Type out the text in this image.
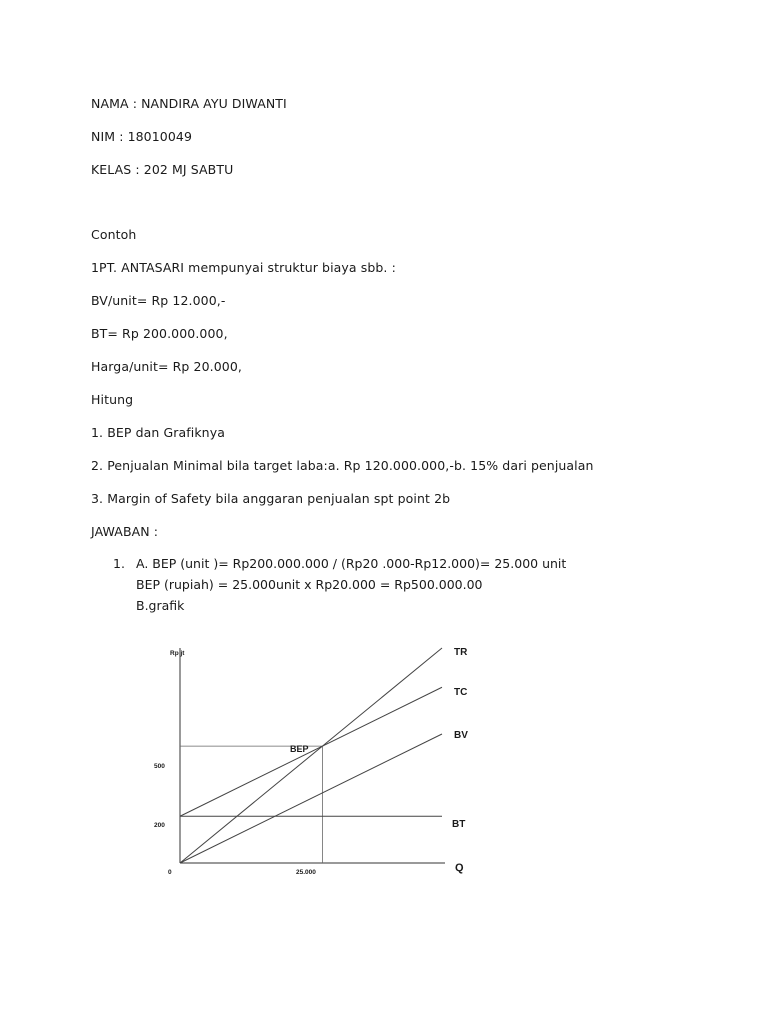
NAMA : NANDIRA AYU DIWANTI
NIM : 18010049
KELAS : 202 MJ SABTU
Contoh
1PT. ANTASARI mempunyai struktur biaya sbb. :
BV/unit= Rp 12.000,-
BT= Rp 200.000.000,
Harga/unit= Rp 20.000,
Hitung
1. BEP dan Grafiknya
2. Penjualan Minimal bila target laba:a. Rp 120.000.000,-b. 15% dari penjualan
3. Margin of Safety bila anggaran penjualan spt point 2b
JAWABAN :
1. A. BEP (unit )= Rp200.000.000 / (Rp20 .000-Rp12.000)= 25.000 unit
BEP (rupiah) = 25.000unit x Rp20.000 = Rp500.000.00
B.grafik
Rp jt
Q
0	25.000
500
200
BEP
TR
TC
BV
BT
